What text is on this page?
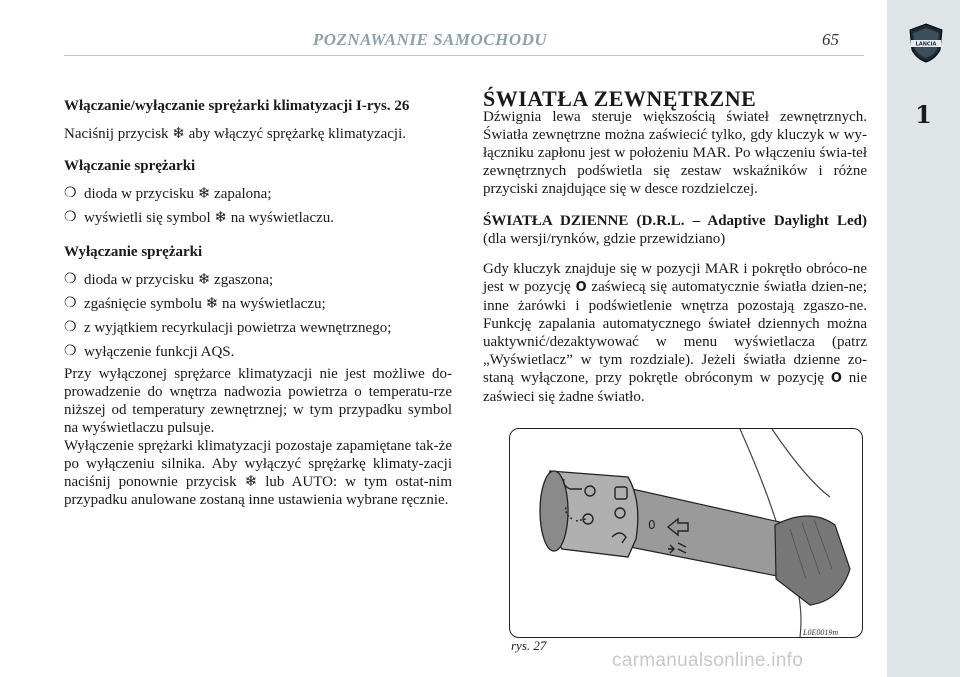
LANCIA
1
POZNAWANIE SAMOCHODU	65

Włączanie/wyłączanie sprężarki klimatyzacji I-rys. 26

Naciśnij przycisk ❄ aby włączyć sprężarkę klimatyzacji.

Włączanie sprężarki

❍ dioda w przycisku ❄ zapalona;
❍ wyświetli się symbol ❄ na wyświetlaczu.

Wyłączanie sprężarki

❍ dioda w przycisku ❄ zgaszona;
❍ zgaśnięcie symbolu ❄ na wyświetlaczu;
❍ z wyjątkiem recyrkulacji powietrza wewnętrznego;
❍ wyłączenie funkcji AQS.

Przy wyłączonej sprężarce klimatyzacji nie jest możliwe do-prowadzenie do wnętrza nadwozia powietrza o temperatu-rze niższej od temperatury zewnętrznej; w tym przypadku symbol na wyświetlaczu pulsuje.

Wyłączenie sprężarki klimatyzacji pozostaje zapamiętane tak-że po wyłączeniu silnika. Aby wyłączyć sprężarkę klimaty-zacji naciśnij ponownie przycisk ❄ lub AUTO: w tym ostat-nim przypadku anulowane zostaną inne ustawienia wybrane ręcznie.

ŚWIATŁA ZEWNĘTRZNE

Dźwignia lewa steruje większością świateł zewnętrznych. Światła zewnętrzne można zaświecić tylko, gdy kluczyk w wy-łączniku zapłonu jest w położeniu MAR. Po włączeniu świa-teł zewnętrznych podświetla się zestaw wskaźników i różne przyciski znajdujące się w desce rozdzielczej.

ŚWIATŁA DZIENNE (D.R.L. – Adaptive Daylight Led) (dla wersji/rynków, gdzie przewidziano)

Gdy kluczyk znajduje się w pozycji MAR i pokrętło obróco-ne jest w pozycję O zaświecą się automatycznie światła dzien-ne; inne żarówki i podświetlenie wnętrza pozostają zgaszo-ne. Funkcję zapalania automatycznego świateł dziennych można uaktywnić/dezaktywować w menu wyświetlacza (patrz „Wyświetlacz” w tym rozdziale). Jeżeli światła dzienne zo-staną wyłączone, przy pokrętle obróconym w pozycję O nie zaświeci się żadne światło.

0
rys. 27
L0E0019m
carmanualsonline.info
